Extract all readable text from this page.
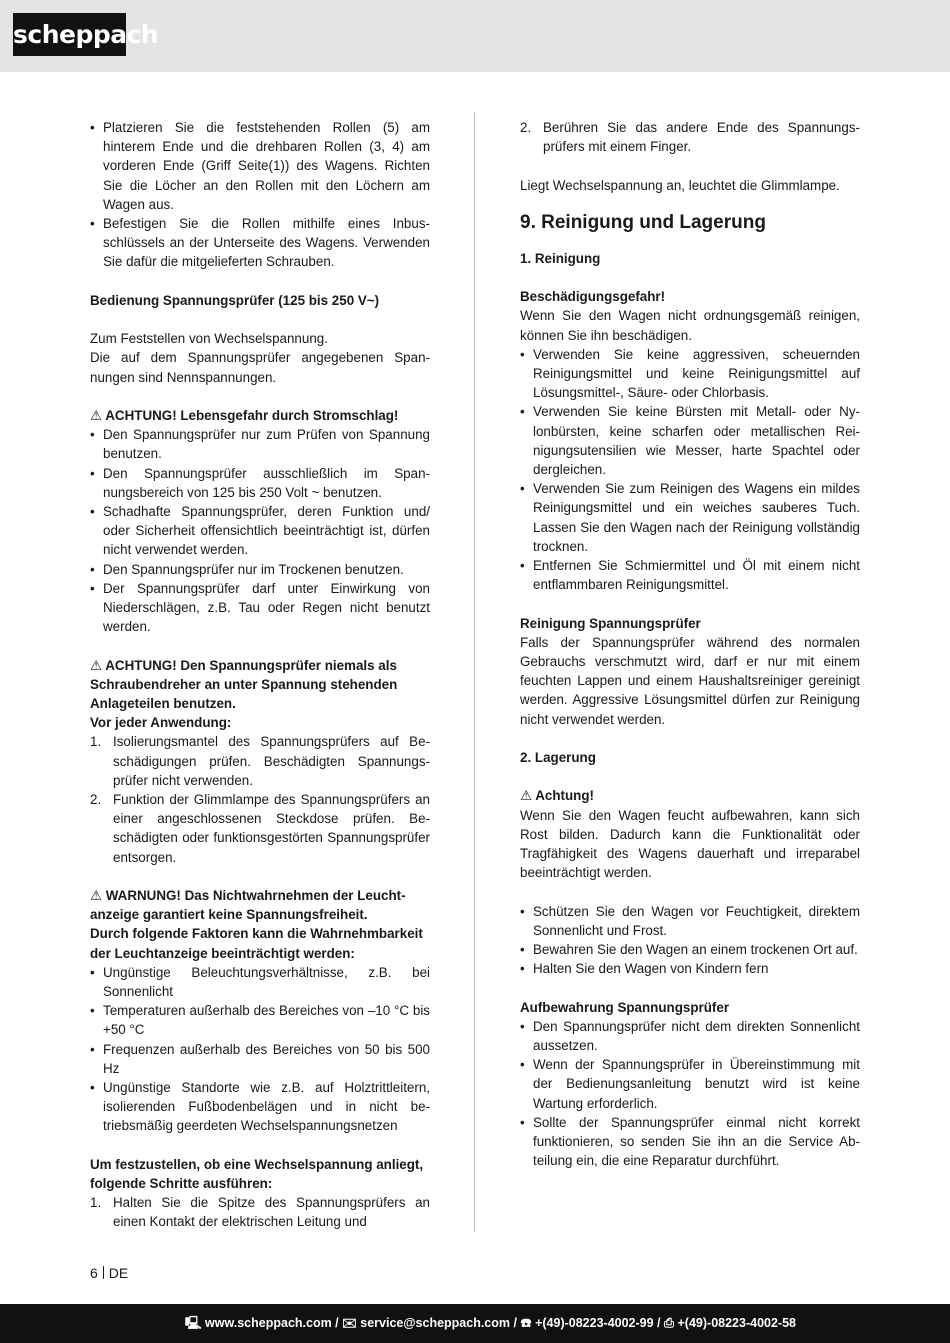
scheppach
• Platzieren Sie die feststehenden Rollen (5) am hinterem Ende und die drehbaren Rollen (3, 4) am vorderen Ende (Griff Seite(1)) des Wagens. Richten Sie die Löcher an den Rollen mit den Löchern am Wagen aus.
• Befestigen Sie die Rollen mithilfe eines Inbusschlüssels an der Unterseite des Wagens. Verwenden Sie dafür die mitgelieferten Schrauben.

Bedienung Spannungsprüfer (125 bis 250 V~)

Zum Feststellen von Wechselspannung.

Die auf dem Spannungsprüfer angegebenen Spannungen sind Nennspannungen.

⚠ ACHTUNG! Lebensgefahr durch Stromschlag!

• Den Spannungsprüfer nur zum Prüfen von Spannung benutzen.
• Den Spannungsprüfer ausschließlich im Spannungsbereich von 125 bis 250 Volt ~ benutzen.
• Schadhafte Spannungsprüfer, deren Funktion und/ oder Sicherheit offensichtlich beeinträchtigt ist, dürfen nicht verwendet werden.
• Den Spannungsprüfer nur im Trockenen benutzen.
• Der Spannungsprüfer darf unter Einwirkung von Niederschlägen, z.B. Tau oder Regen nicht benutzt werden.

⚠ ACHTUNG! Den Spannungsprüfer niemals als Schraubendreher an unter Spannung stehenden Anlageteilen benutzen.

Vor jeder Anwendung:

1. Isolierungsmantel des Spannungsprüfers auf Beschädigungen prüfen. Beschädigten Spannungsprüfer nicht verwenden.
2. Funktion der Glimmlampe des Spannungsprüfers an einer angeschlossenen Steckdose prüfen. Beschädigten oder funktionsgestörten Spannungsprüfer entsorgen.

⚠ WARNUNG! Das Nichtwahrnehmen der Leuchtanzeige garantiert keine Spannungsfreiheit.

Durch folgende Faktoren kann die Wahrnehmbarkeit der Leuchtanzeige beeinträchtigt werden:

• Ungünstige Beleuchtungsverhältnisse, z.B. bei Sonnenlicht
• Temperaturen außerhalb des Bereiches von –10 °C bis +50 °C
• Frequenzen außerhalb des Bereiches von 50 bis 500 Hz
• Ungünstige Standorte wie z.B. auf Holztrittleitern, isolierenden Fußbodenbelägen und in nicht betriebsmäßig geerdeten Wechselspannungsnetzen

Um festzustellen, ob eine Wechselspannung anliegt, folgende Schritte ausführen:

1. Halten Sie die Spitze des Spannungsprüfers an einen Kontakt der elektrischen Leitung und
2. Berühren Sie das andere Ende des Spannungsprüfers mit einem Finger.

Liegt Wechselspannung an, leuchtet die Glimmlampe.

9. Reinigung und Lagerung

1. Reinigung

Beschädigungsgefahr!

Wenn Sie den Wagen nicht ordnungsgemäß reinigen, können Sie ihn beschädigen.

• Verwenden Sie keine aggressiven, scheuernden Reinigungsmittel und keine Reinigungsmittel auf Lösungsmittel-, Säure- oder Chlorbasis.
• Verwenden Sie keine Bürsten mit Metall- oder Nylonbürsten, keine scharfen oder metallischen Reinigungsutensilien wie Messer, harte Spachtel oder dergleichen.
• Verwenden Sie zum Reinigen des Wagens ein mildes Reinigungsmittel und ein weiches sauberes Tuch. Lassen Sie den Wagen nach der Reinigung vollständig trocknen.
• Entfernen Sie Schmiermittel und Öl mit einem nicht entflammbaren Reinigungsmittel.

Reinigung Spannungsprüfer

Falls der Spannungsprüfer während des normalen Gebrauchs verschmutzt wird, darf er nur mit einem feuchten Lappen und einem Haushaltsreiniger gereinigt werden. Aggressive Lösungsmittel dürfen zur Reinigung nicht verwendet werden.

2. Lagerung

⚠ Achtung!

Wenn Sie den Wagen feucht aufbewahren, kann sich Rost bilden. Dadurch kann die Funktionalität oder Tragfähigkeit des Wagens dauerhaft und irreparabel beeinträchtigt werden.

• Schützen Sie den Wagen vor Feuchtigkeit, direktem Sonnenlicht und Frost.
• Bewahren Sie den Wagen an einem trockenen Ort auf.
• Halten Sie den Wagen von Kindern fern

Aufbewahrung Spannungsprüfer

• Den Spannungsprüfer nicht dem direkten Sonnenlicht aussetzen.
• Wenn der Spannungsprüfer in Übereinstimmung mit der Bedienungsanleitung benutzt wird ist keine Wartung erforderlich.
• Sollte der Spannungsprüfer einmal nicht korrekt funktionieren, so senden Sie ihn an die Service Abteilung ein, die eine Reparatur durchführt.
6 DE
🖳 www.scheppach.com / ✉ service@scheppach.com / ☎ +(49)-08223-4002-99 / ⎙ +(49)-08223-4002-58
